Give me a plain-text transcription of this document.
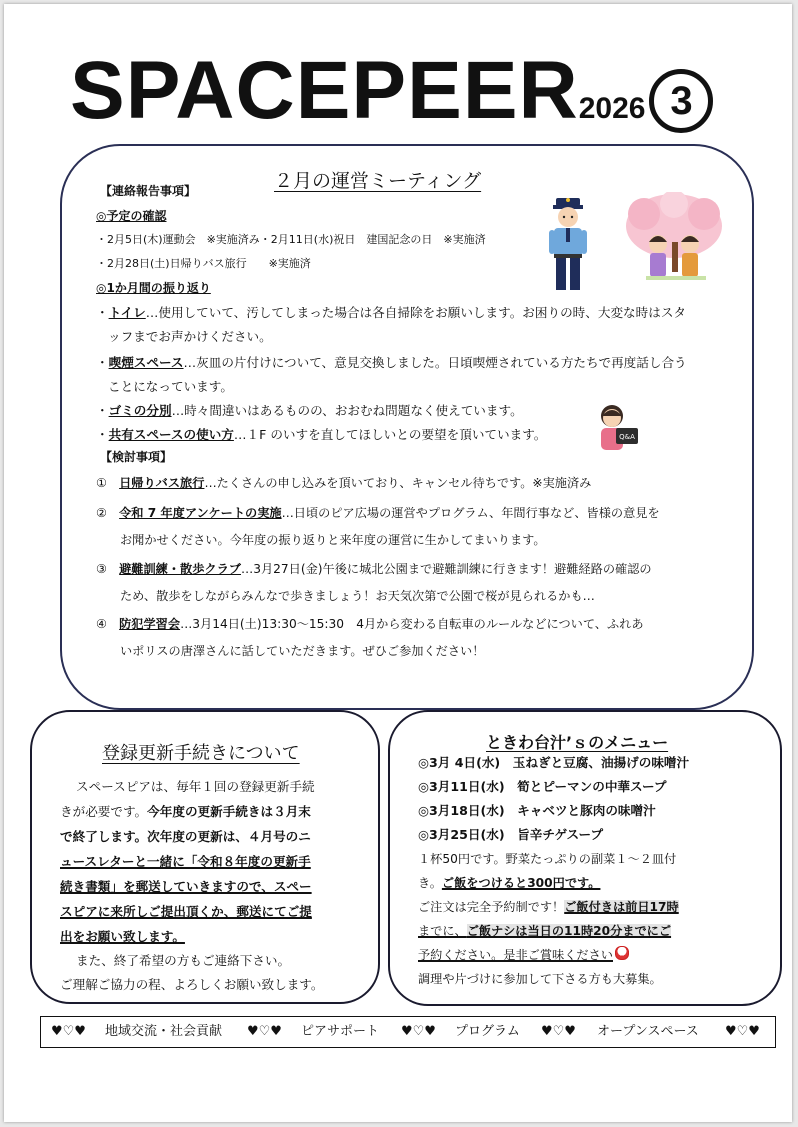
SPACEPEER2026 3
２月の運営ミーティング
【連絡報告事項】
◎予定の確認
・2月5日(木)運動会　※実施済み・2月11日(水)祝日　建国記念の日　※実施済
・2月28日(土)日帰りバス旅行　　※実施済
◎1か月間の振り返り
・トイレ…使用していて、汚してしまった場合は各自掃除をお願いします。お困りの時、大変な時はスタ
ッフまでお声かけください。
・喫煙スペース…灰皿の片付けについて、意見交換しました。日頃喫煙されている方たちで再度話し合う
ことになっています。
・ゴミの分別…時々間違いはあるものの、おおむね問題なく使えています。
・共有スペースの使い方…１F のいすを直してほしいとの要望を頂いています。
【検討事項】
①　 日帰りバス旅行…たくさんの申し込みを頂いており、キャンセル待ちです。※実施済み
②　 令和 7 年度アンケートの実施…日頃のピア広場の運営やプログラム、年間行事など、皆様の意見を
お聞かせください。今年度の振り返りと来年度の運営に生かしてまいります。
③　 避難訓練・散歩クラブ…3月27日(金)午後に城北公園まで避難訓練に行きます！避難経路の確認の
ため、散歩をしながらみんなで歩きましょう！お天気次第で公園で桜が見られるかも…
④　 防犯学習会…3月14日(土)13:30～15:30　4月から変わる自転車のルールなどについて、ふれあ
いポリスの唐澤さんに話していただきます。ぜひご参加ください！
Q&A
登録更新手続きについて
スペースピアは、毎年１回の登録更新手続
きが必要です。今年度の更新手続きは３月末
で終了します。次年度の更新は、４月号のニ
ュースレターと一緒に「令和８年度の更新手
続き書類」を郵送していきますので、スペー
スピアに来所しご提出頂くか、郵送にてご提
出をお願い致します。
また、終了希望の方もご連絡下さい。
ご理解ご協力の程、よろしくお願い致します。
ときわ台汁’ｓのメニュー
◎3月 4日(水)　玉ねぎと豆腐、油揚げの味噌汁
◎3月11日(水)　筍とピーマンの中華スープ
◎3月18日(水)　キャベツと豚肉の味噌汁
◎3月25日(水)　旨辛チゲスープ
１杯50円です。野菜たっぷりの副菜１～２皿付
き。ご飯をつけると300円です。
ご注文は完全予約制です！ご飯付きは前日17時
までに、ご飯ナシは当日の11時20分までにご
予約ください。是非ご賞味ください
調理や片づけに参加して下さる方も大募集。
♥♡♥ 地域交流・社会貢献 ♥♡♥ ピアサポート ♥♡♥ プログラム ♥♡♥ オープンスペース ♥♡♥
